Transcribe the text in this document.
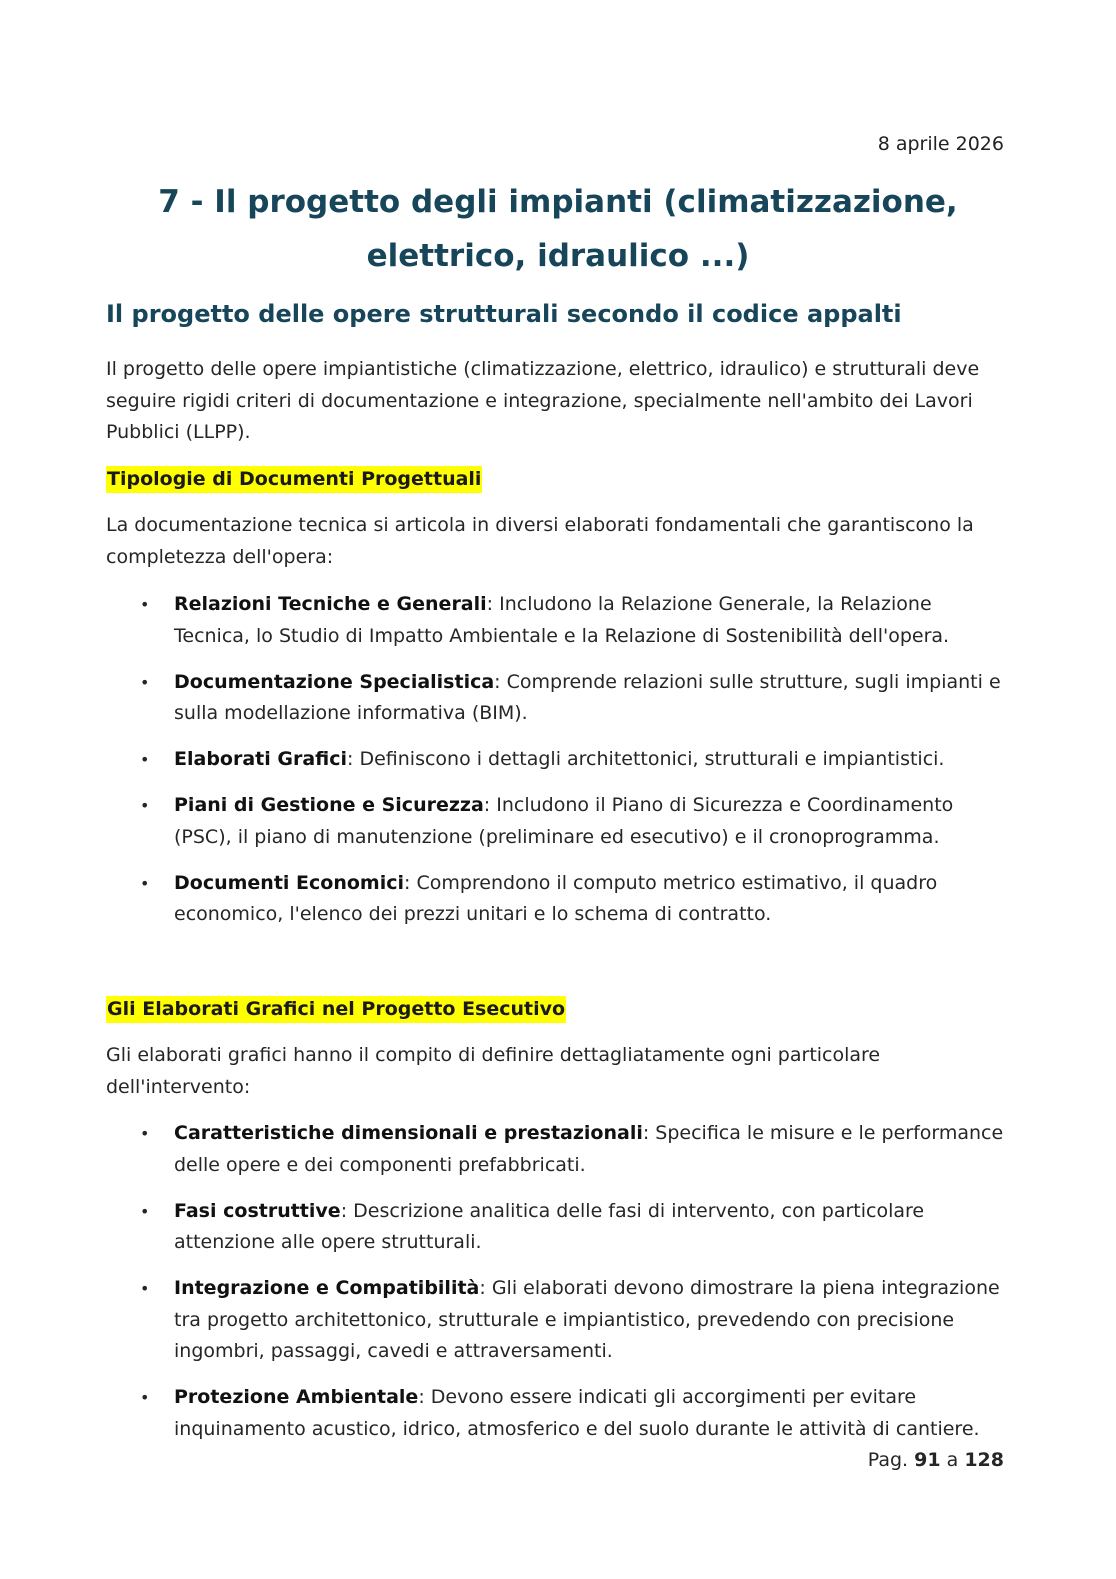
8 aprile 2026
7 - Il progetto degli impianti (climatizzazione, elettrico, idraulico ...)
Il progetto delle opere strutturali secondo il codice appalti

Il progetto delle opere impiantistiche (climatizzazione, elettrico, idraulico) e strutturali deve seguire rigidi criteri di documentazione e integrazione, specialmente nell'ambito dei Lavori Pubblici (LLPP).

Tipologie di Documenti Progettuali

La documentazione tecnica si articola in diversi elaborati fondamentali che garantiscono la completezza dell'opera:

• Relazioni Tecniche e Generali: Includono la Relazione Generale, la Relazione Tecnica, lo Studio di Impatto Ambientale e la Relazione di Sostenibilità dell'opera.
• Documentazione Specialistica: Comprende relazioni sulle strutture, sugli impianti e sulla modellazione informativa (BIM).
• Elaborati Grafici: Definiscono i dettagli architettonici, strutturali e impiantistici.
• Piani di Gestione e Sicurezza: Includono il Piano di Sicurezza e Coordinamento (PSC), il piano di manutenzione (preliminare ed esecutivo) e il cronoprogramma.
• Documenti Economici: Comprendono il computo metrico estimativo, il quadro economico, l'elenco dei prezzi unitari e lo schema di contratto.

Gli Elaborati Grafici nel Progetto Esecutivo

Gli elaborati grafici hanno il compito di definire dettagliatamente ogni particolare dell'intervento:

• Caratteristiche dimensionali e prestazionali: Specifica le misure e le performance delle opere e dei componenti prefabbricati.
• Fasi costruttive: Descrizione analitica delle fasi di intervento, con particolare attenzione alle opere strutturali.
• Integrazione e Compatibilità: Gli elaborati devono dimostrare la piena integrazione tra progetto architettonico, strutturale e impiantistico, prevedendo con precisione ingombri, passaggi, cavedi e attraversamenti.
• Protezione Ambientale: Devono essere indicati gli accorgimenti per evitare inquinamento acustico, idrico, atmosferico e del suolo durante le attività di cantiere.
Pag. 91 a 128
